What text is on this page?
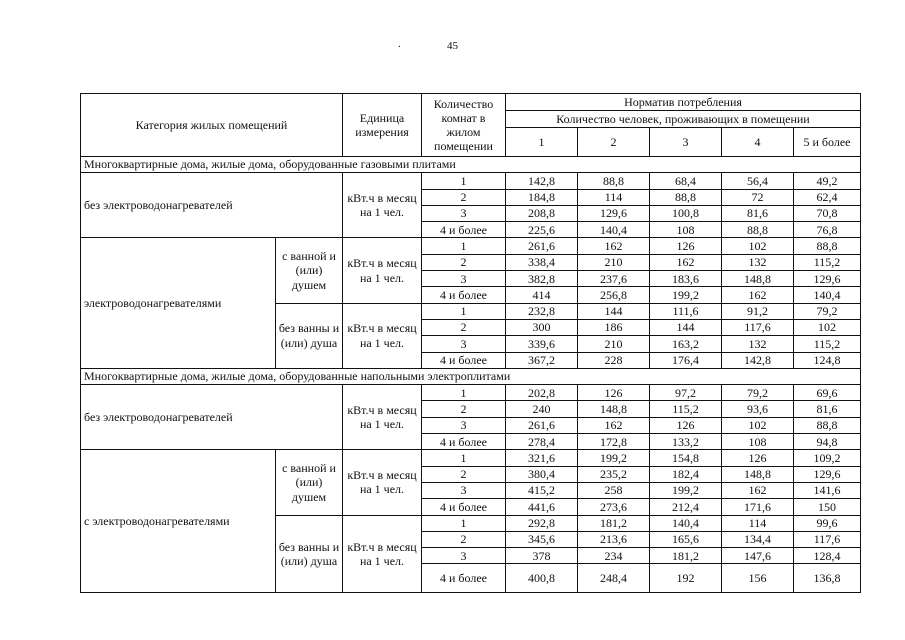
.	45
Категория жилых помещений		Единица измерения	Количество комнат в жилом помещении	Норматив потребления				
				Количество человек, проживающих в помещении				
				1	2	3	4	5 и более
Многоквартирные дома, жилые дома, оборудованные газовыми плитами								
без электроводонагревателей		кВт.ч в месяц на 1 чел.	1	142,8	88,8	68,4	56,4	49,2
			2	184,8	114	88,8	72	62,4
			3	208,8	129,6	100,8	81,6	70,8
			4 и более	225,6	140,4	108	88,8	76,8
электроводонагревателями	с ванной и (или) душем	кВт.ч в месяц на 1 чел.	1	261,6	162	126	102	88,8
			2	338,4	210	162	132	115,2
			3	382,8	237,6	183,6	148,8	129,6
			4 и более	414	256,8	199,2	162	140,4
	без ванны и (или) душа	кВт.ч в месяц на 1 чел.	1	232,8	144	111,6	91,2	79,2
			2	300	186	144	117,6	102
			3	339,6	210	163,2	132	115,2
			4 и более	367,2	228	176,4	142,8	124,8
Многоквартирные дома, жилые дома, оборудованные напольными электроплитами								
без электроводонагревателей		кВт.ч в месяц на 1 чел.	1	202,8	126	97,2	79,2	69,6
			2	240	148,8	115,2	93,6	81,6
			3	261,6	162	126	102	88,8
			4 и более	278,4	172,8	133,2	108	94,8
с электроводонагревателями	с ванной и (или) душем	кВт.ч в месяц на 1 чел.	1	321,6	199,2	154,8	126	109,2
			2	380,4	235,2	182,4	148,8	129,6
			3	415,2	258	199,2	162	141,6
			4 и более	441,6	273,6	212,4	171,6	150
	без ванны и (или) душа	кВт.ч в месяц на 1 чел.	1	292,8	181,2	140,4	114	99,6
			2	345,6	213,6	165,6	134,4	117,6
			3	378	234	181,2	147,6	128,4
			4 и более	400,8	248,4	192	156	136,8
